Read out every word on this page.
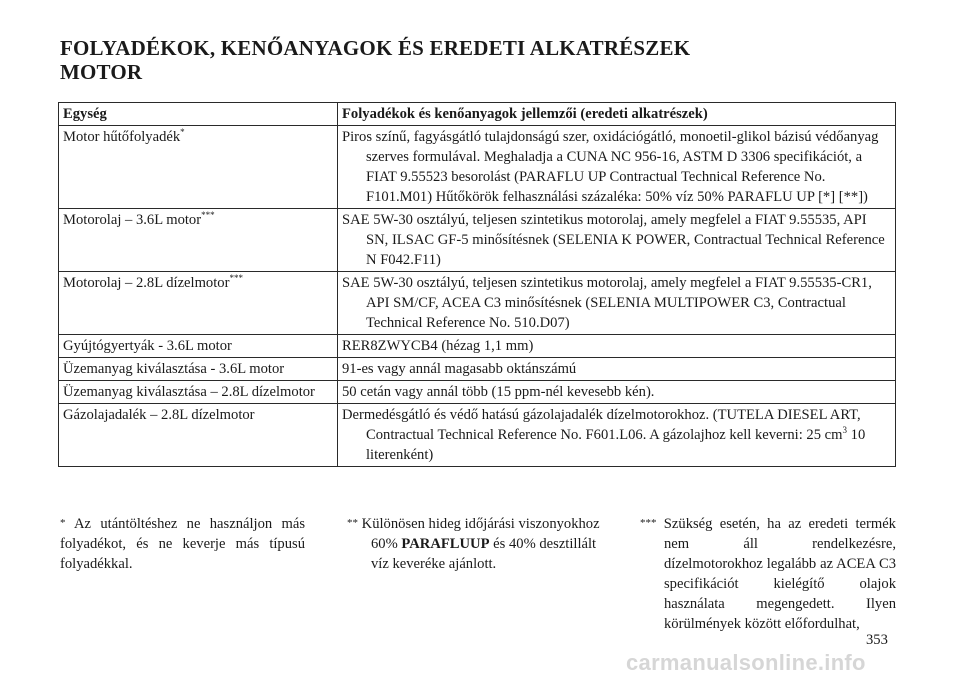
FOLYADÉKOK, KENŐANYAGOK ÉS EREDETI ALKATRÉSZEK
MOTOR
Egység	Folyadékok és kenőanyagok jellemzői (eredeti alkatrészek)
Motor hűtőfolyadék*	Piros színű, fagyásgátló tulajdonságú szer, oxidációgátló, monoetil-glikol bázisú védőanyag szerves formulával. Meghaladja a CUNA NC 956-16, ASTM D 3306 specifikációt, a FIAT 9.55523 besorolást (PARAFLU UP Contractual Technical Reference No. F101.M01) Hűtőkörök felhasználási százaléka: 50% víz 50% PARAFLU UP [*] [**])

Motorolaj – 3.6L motor***	SAE 5W-30 osztályú, teljesen szintetikus motorolaj, amely megfelel a FIAT 9.55535, API SN, ILSAC GF-5 minősítésnek (SELENIA K POWER, Contractual Technical Reference N F042.F11)

Motorolaj – 2.8L dízelmotor***	SAE 5W-30 osztályú, teljesen szintetikus motorolaj, amely megfelel a FIAT 9.55535-CR1, API SM/CF, ACEA C3 minősítésnek (SELENIA MULTIPOWER C3, Contractual Technical Reference No. 510.D07)

Gyújtógyertyák - 3.6L motor	RER8ZWYCB4 (hézag 1,1 mm)

Üzemanyag kiválasztása - 3.6L motor	91-es vagy annál magasabb oktánszámú

Üzemanyag kiválasztása – 2.8L dízelmotor	50 cetán vagy annál több (15 ppm-nél kevesebb kén).

Gázolajadalék – 2.8L dízelmotor	Dermedésgátló és védő hatású gázolajadalék dízelmotorokhoz. (TUTELA DIESEL ART, Contractual Technical Reference No. F601.L06. A gázolajhoz kell keverni: 25 $cm^3$ 10 literenként)
* Az utántöltéshez ne használjon más folyadékot, és ne keverje más típusú folyadékkal.
** Különösen hideg időjárási viszonyokhoz 60% PARAFLUUP és 40% desztillált víz keveréke ajánlott.
*** Szükség esetén, ha az eredeti termék nem áll rendelkezésre, dízelmotorokhoz legalább az ACEA C3 specifikációt kielégítő olajok használata megengedett. Ilyen körülmények között előfordulhat,
353
carmanualsonline.info
